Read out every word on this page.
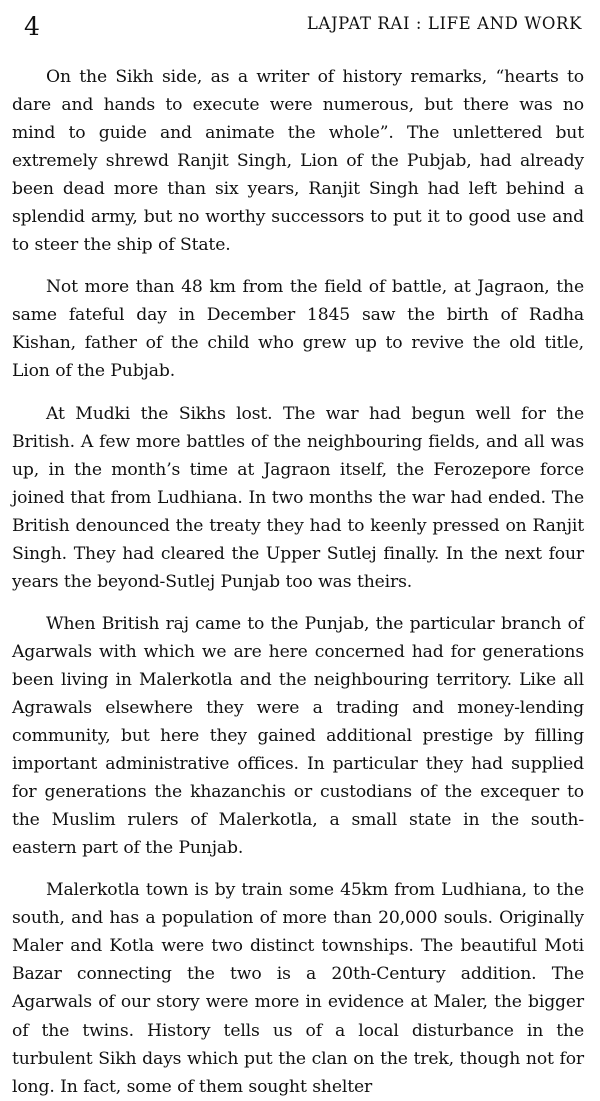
4	LAJPAT RAI : LIFE AND WORK

On the Sikh side, as a writer of history remarks, “hearts to dare and hands to execute were numerous, but there was no mind to guide and animate the whole”. The unlettered but extremely shrewd Ranjit Singh, Lion of the Pubjab, had already been dead more than six years, Ranjit Singh had left behind a splendid army, but no worthy successors to put it to good use and to steer the ship of State.

Not more than 48 km from the field of battle, at Jagraon, the same fateful day in December 1845 saw the birth of Radha Kishan, father of the child who grew up to revive the old title, Lion of the Pubjab.

At Mudki the Sikhs lost. The war had begun well for the British. A few more battles of the neighbouring fields, and all was up, in the month’s time at Jagraon itself, the Ferozepore force joined that from Ludhiana. In two months the war had ended. The British denounced the treaty they had to keenly pressed on Ranjit Singh. They had cleared the Upper Sutlej finally. In the next four years the beyond-Sutlej Punjab too was theirs.

When British raj came to the Punjab, the particular branch of Agarwals with which we are here concerned had for generations been living in Malerkotla and the neighbouring territory. Like all Agrawals elsewhere they were a trading and money-lending community, but here they gained additional prestige by filling important administrative offices. In particular they had supplied for generations the khazanchis or custodians of the excequer to the Muslim rulers of Malerkotla, a small state in the south-eastern part of the Punjab.

Malerkotla town is by train some 45km from Ludhiana, to the south, and has a population of more than 20,000 souls. Originally Maler and Kotla were two distinct townships. The beautiful Moti Bazar connecting the two is a 20th-Century addition. The Agarwals of our story were more in evidence at Maler, the bigger of the twins. History tells us of a local disturbance in the turbulent Sikh days which put the clan on the trek, though not for long. In fact, some of them sought shelter
